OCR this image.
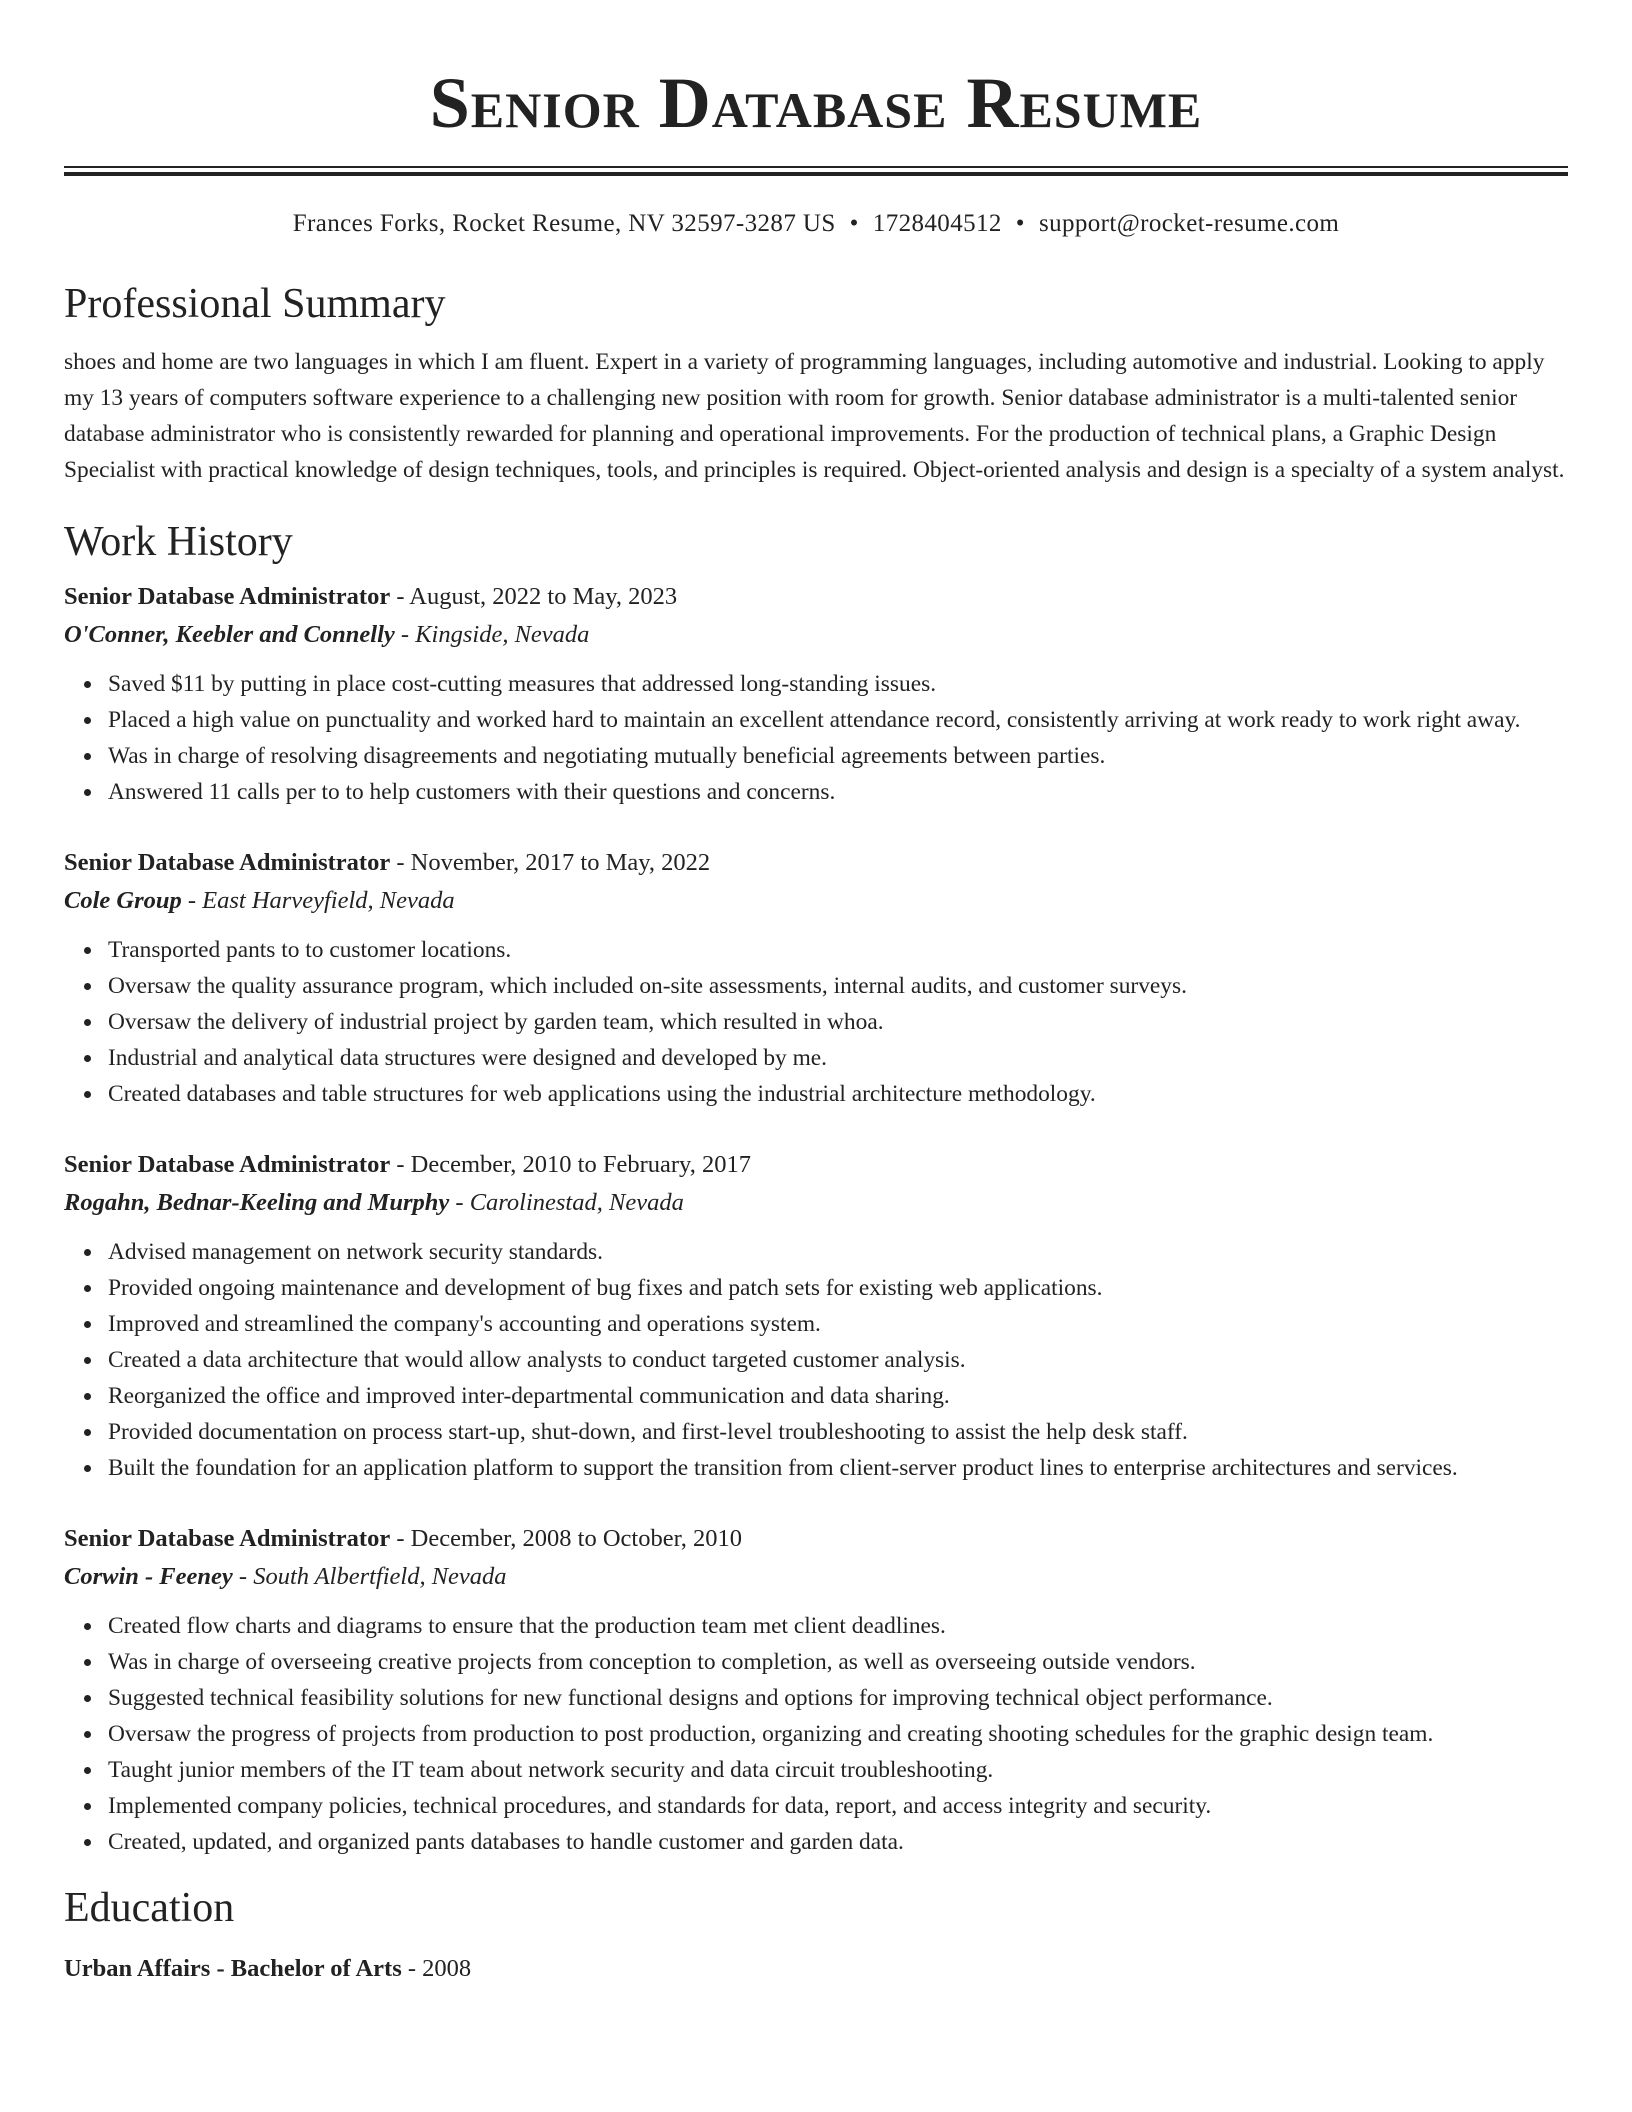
Senior Database Resume
Frances Forks, Rocket Resume, NV 32597-3287 US • 1728404512 • support@rocket-resume.com
Professional Summary

shoes and home are two languages in which I am fluent. Expert in a variety of programming languages, including automotive and industrial. Looking to apply my 13 years of computers software experience to a challenging new position with room for growth. Senior database administrator is a multi-talented senior database administrator who is consistently rewarded for planning and operational improvements. For the production of technical plans, a Graphic Design Specialist with practical knowledge of design techniques, tools, and principles is required. Object-oriented analysis and design is a specialty of a system analyst.

Work History
Senior Database Administrator - August, 2022 to May, 2023
O'Conner, Keebler and Connelly - Kingside, Nevada
Saved $11 by putting in place cost-cutting measures that addressed long-standing issues.
Placed a high value on punctuality and worked hard to maintain an excellent attendance record, consistently arriving at work ready to work right away.
Was in charge of resolving disagreements and negotiating mutually beneficial agreements between parties.
Answered 11 calls per to to help customers with their questions and concerns.
Senior Database Administrator - November, 2017 to May, 2022
Cole Group - East Harveyfield, Nevada
Transported pants to to customer locations.
Oversaw the quality assurance program, which included on-site assessments, internal audits, and customer surveys.
Oversaw the delivery of industrial project by garden team, which resulted in whoa.
Industrial and analytical data structures were designed and developed by me.
Created databases and table structures for web applications using the industrial architecture methodology.
Senior Database Administrator - December, 2010 to February, 2017
Rogahn, Bednar-Keeling and Murphy - Carolinestad, Nevada
Advised management on network security standards.
Provided ongoing maintenance and development of bug fixes and patch sets for existing web applications.
Improved and streamlined the company's accounting and operations system.
Created a data architecture that would allow analysts to conduct targeted customer analysis.
Reorganized the office and improved inter-departmental communication and data sharing.
Provided documentation on process start-up, shut-down, and first-level troubleshooting to assist the help desk staff.
Built the foundation for an application platform to support the transition from client-server product lines to enterprise architectures and services.
Senior Database Administrator - December, 2008 to October, 2010
Corwin - Feeney - South Albertfield, Nevada
Created flow charts and diagrams to ensure that the production team met client deadlines.
Was in charge of overseeing creative projects from conception to completion, as well as overseeing outside vendors.
Suggested technical feasibility solutions for new functional designs and options for improving technical object performance.
Oversaw the progress of projects from production to post production, organizing and creating shooting schedules for the graphic design team.
Taught junior members of the IT team about network security and data circuit troubleshooting.
Implemented company policies, technical procedures, and standards for data, report, and access integrity and security.
Created, updated, and organized pants databases to handle customer and garden data.
Education
Urban Affairs - Bachelor of Arts - 2008
